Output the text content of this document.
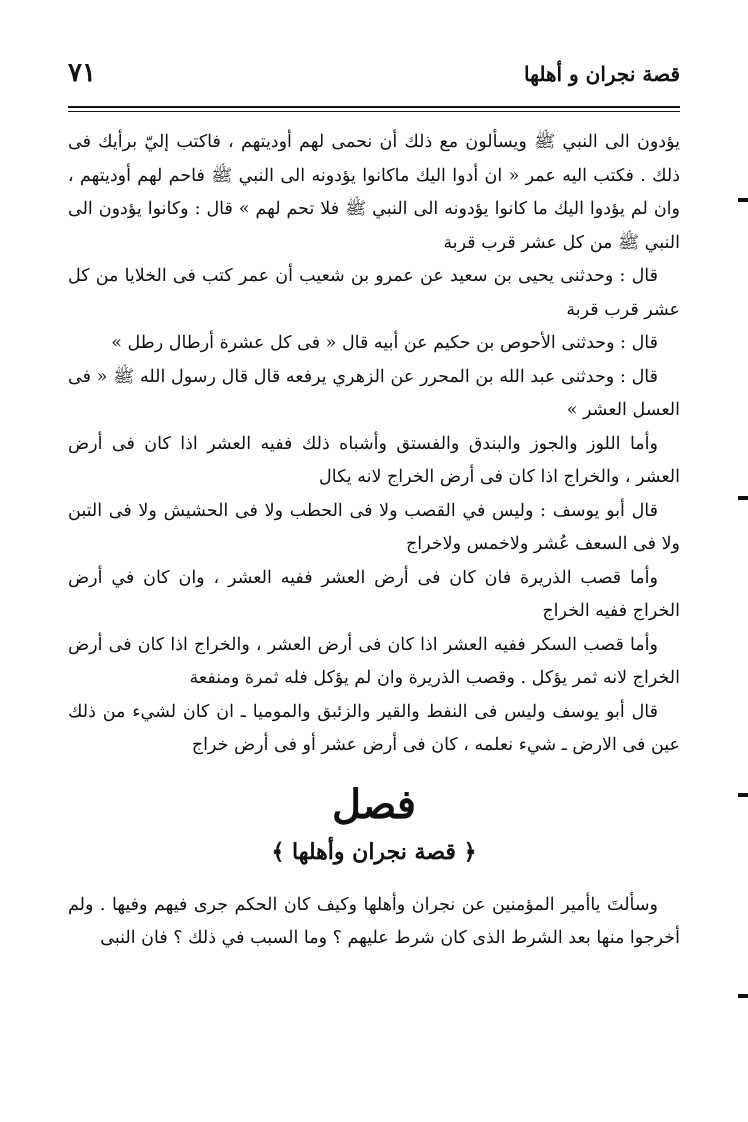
قصة نجران و أهلها
٧١

يؤدون الى النبي ﷺ ويسألون مع ذلك أن نحمى لهم أوديتهم ، فاكتب إليّ برأيك فى ذلك . فكتب اليه عمر « ان أدوا اليك ماكانوا يؤدونه الى النبي ﷺ فاحم لهم أوديتهم ، وان لم يؤدوا اليك ما كانوا يؤدونه الى النبي ﷺ فلا تحم لهم » قال : وكانوا يؤدون الى النبي ﷺ من كل عشر قرب قربة

قال : وحدثنى يحيى بن سعيد عن عمرو بن شعيب أن عمر كتب فى الخلايا من كل عشر قرب قربة

قال : وحدثنى الأحوص بن حكيم عن أبيه قال « فى كل عشرة أرطال رطل »

قال : وحدثنى عبد الله بن المحرر عن الزهري يرفعه قال قال رسول الله ﷺ « فى العسل العشر »

وأما اللوز والجوز والبندق والفستق وأشباه ذلك ففيه العشر اذا كان فى أرض العشر ، والخراج اذا كان فى أرض الخراج لانه يكال

قال أبو يوسف : وليس في القصب ولا فى الحطب ولا فى الحشيش ولا فى التبن ولا فى السعف عُشر ولاخمس ولاخراج

وأما قصب الذريرة فان كان فى أرض العشر ففيه العشر ، وان كان في أرض الخراج ففيه الخراج

وأما قصب السكر ففيه العشر اذا كان فى أرض العشر ، والخراج اذا كان فى أرض الخراج لانه ثمر يؤكل . وقصب الذريرة وان لم يؤكل فله ثمرة ومنفعة

قال أبو يوسف وليس فى النفط والقير والزئبق والموميا ـ ان كان لشيء من ذلك عين فى الارض ـ شيء نعلمه ، كان فى أرض عشر أو فى أرض خراج

فصل
﴿ قصة نجران وأهلها ﴾

وسألتَ ياأمير المؤمنين عن نجران وأهلها وكيف كان الحكم جرى فيهم وفيها . ولم أخرجوا منها بعد الشرط الذى كان شرط عليهم ؟ وما السبب في ذلك ؟ فان النبى
